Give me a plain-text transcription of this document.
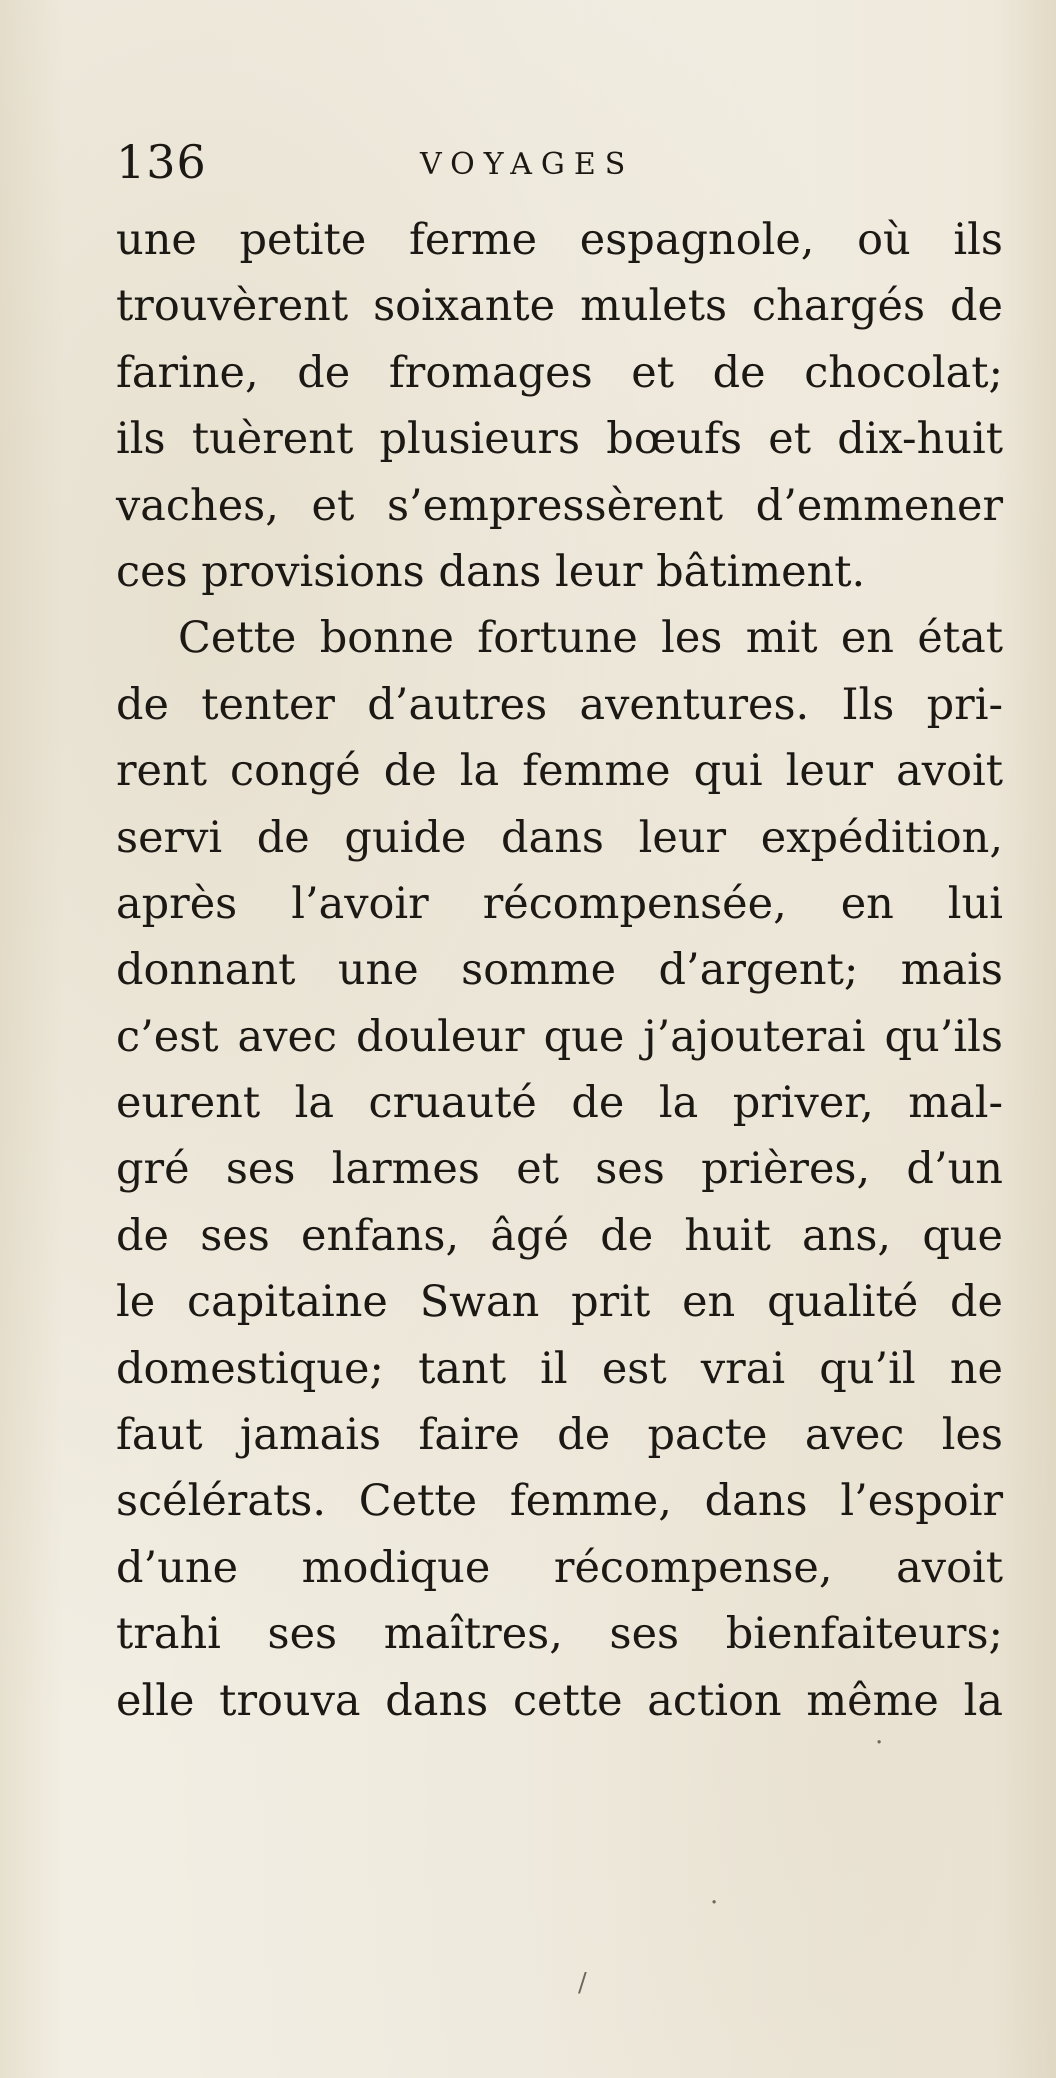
136	VOYAGES
une petite ferme espagnole, où ils
trouvèrent soixante mulets chargés de
farine, de fromages et de chocolat;
ils tuèrent plusieurs bœufs et dix-huit
vaches, et s’empressèrent d’emmener
ces provisions dans leur bâtiment.
Cette bonne fortune les mit en état
de tenter d’autres aventures. Ils pri-
rent congé de la femme qui leur avoit
servi de guide dans leur expédition,
après l’avoir récompensée, en lui
donnant une somme d’argent; mais
c’est avec douleur que j’ajouterai qu’ils
eurent la cruauté de la priver, mal-
gré ses larmes et ses prières, d’un
de ses enfans, âgé de huit ans, que
le capitaine Swan prit en qualité de
domestique; tant il est vrai qu’il ne
faut jamais faire de pacte avec les
scélérats. Cette femme, dans l’espoir
d’une modique récompense, avoit
trahi ses maîtres, ses bienfaiteurs;
elle trouva dans cette action même la
·
·
/
